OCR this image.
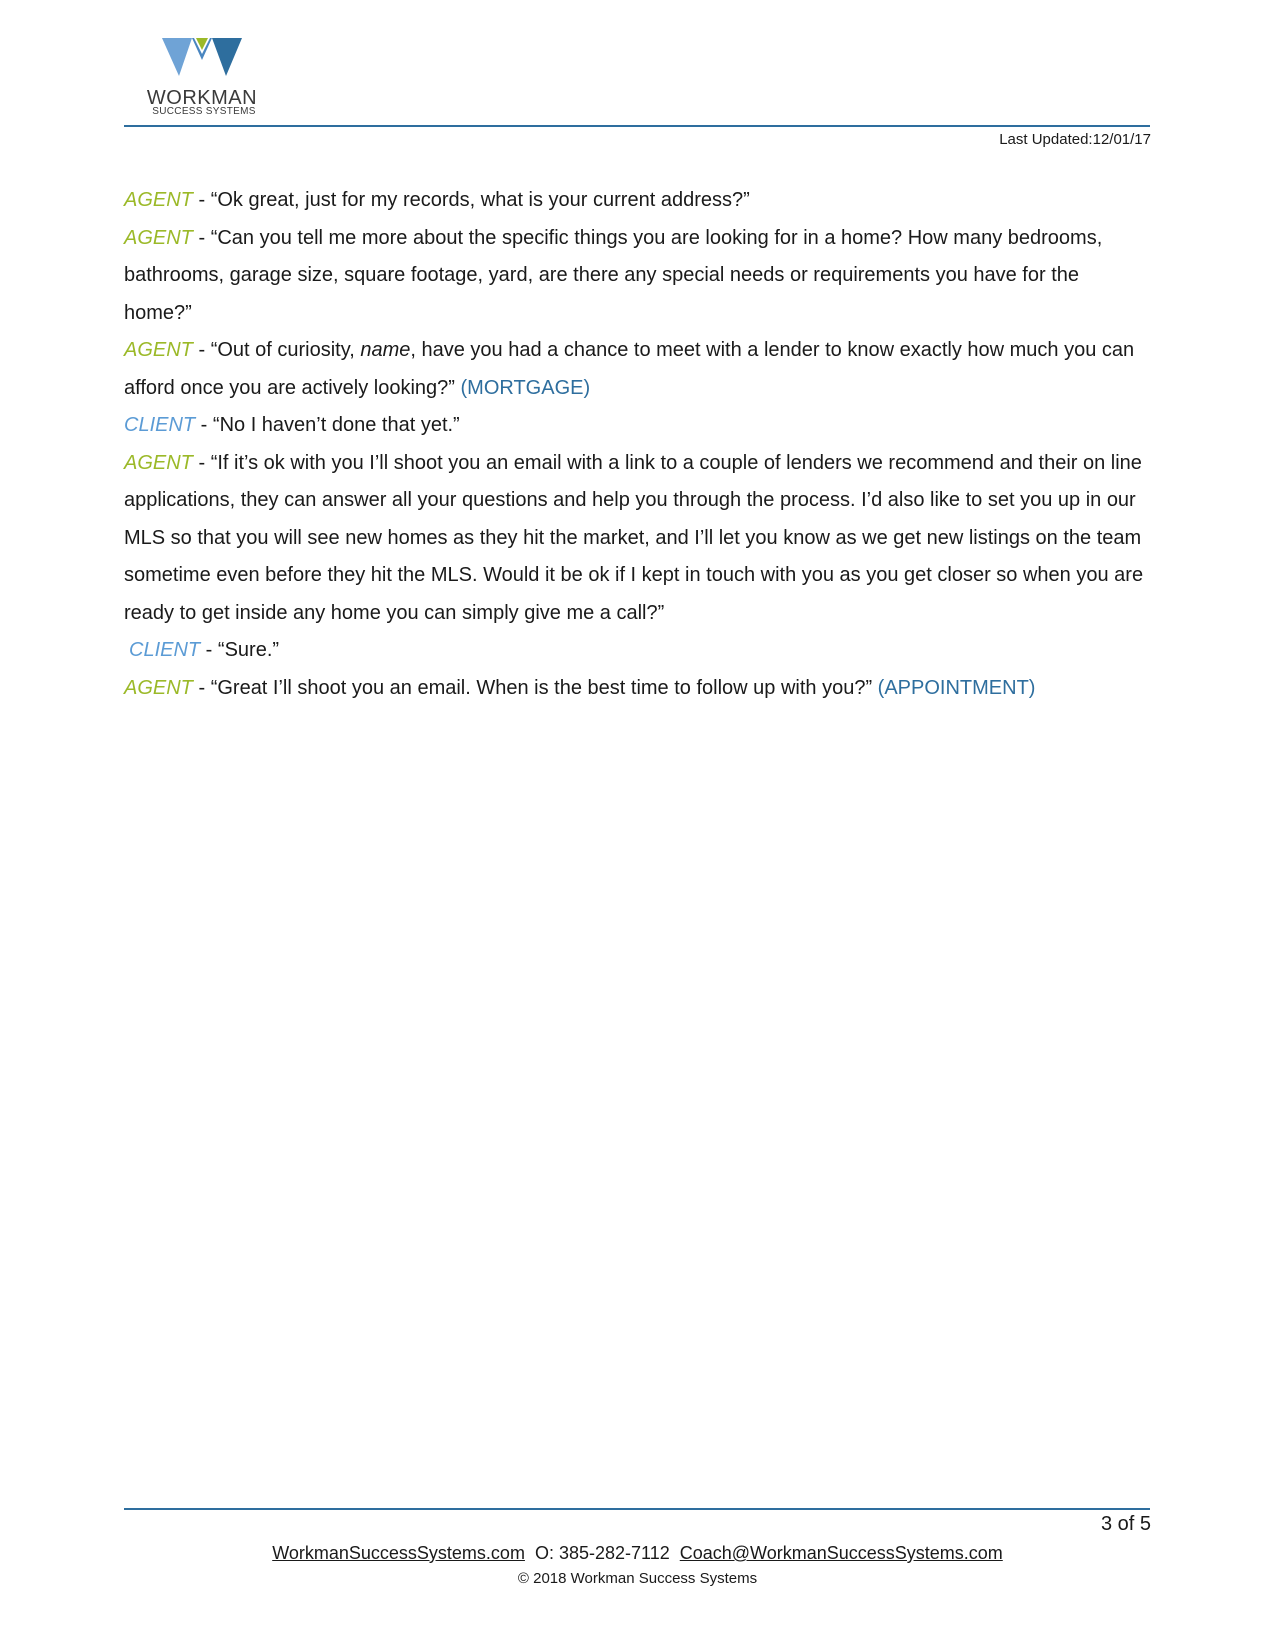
WORKMAN
SUCCESS SYSTEMS
Last Updated:12/01/17

AGENT - “Ok great, just for my records, what is your current address?”

AGENT - “Can you tell me more about the specific things you are looking for in a home? How many bedrooms, bathrooms, garage size, square footage, yard, are there any special needs or requirements you have for the home?”

AGENT - “Out of curiosity, name, have you had a chance to meet with a lender to know exactly how much you can afford once you are actively looking?” (MORTGAGE)

CLIENT - “No I haven’t done that yet.”

AGENT - “If it’s ok with you I’ll shoot you an email with a link to a couple of lenders we recommend and their on line applications, they can answer all your questions and help you through the process. I’d also like to set you up in our MLS so that you will see new homes as they hit the market, and I’ll let you know as we get new listings on the team sometime even before they hit the MLS. Would it be ok if I kept in touch with you as you get closer so when you are ready to get inside any home you can simply give me a call?”

CLIENT - “Sure.”

AGENT - “Great I’ll shoot you an email. When is the best time to follow up with you?” (APPOINTMENT)

3 of 5
WorkmanSuccessSystems.com O: 385-282-7112 Coach@WorkmanSuccessSystems.com
© 2018 Workman Success Systems
